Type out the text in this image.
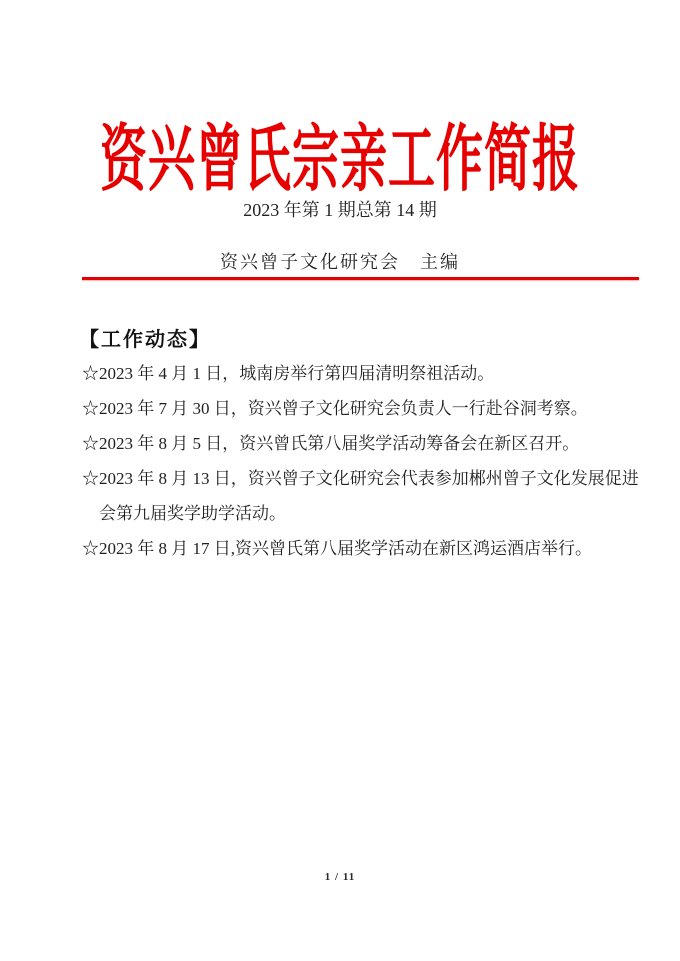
资兴曾氏宗亲工作简报
2023 年第 1 期总第 14 期
资兴曾子文化研究会　主编
【工作动态】
☆2023 年 4 月 1 日，城南房举行第四届清明祭祖活动。
☆2023 年 7 月 30 日，资兴曾子文化研究会负责人一行赴谷洞考察。
☆2023 年 8 月 5 日，资兴曾氏第八届奖学活动筹备会在新区召开。
☆2023 年 8 月 13 日，资兴曾子文化研究会代表参加郴州曾子文化发展促进会第九届奖学助学活动。
☆2023 年 8 月 17 日,资兴曾氏第八届奖学活动在新区鸿运酒店举行。
1 / 11
